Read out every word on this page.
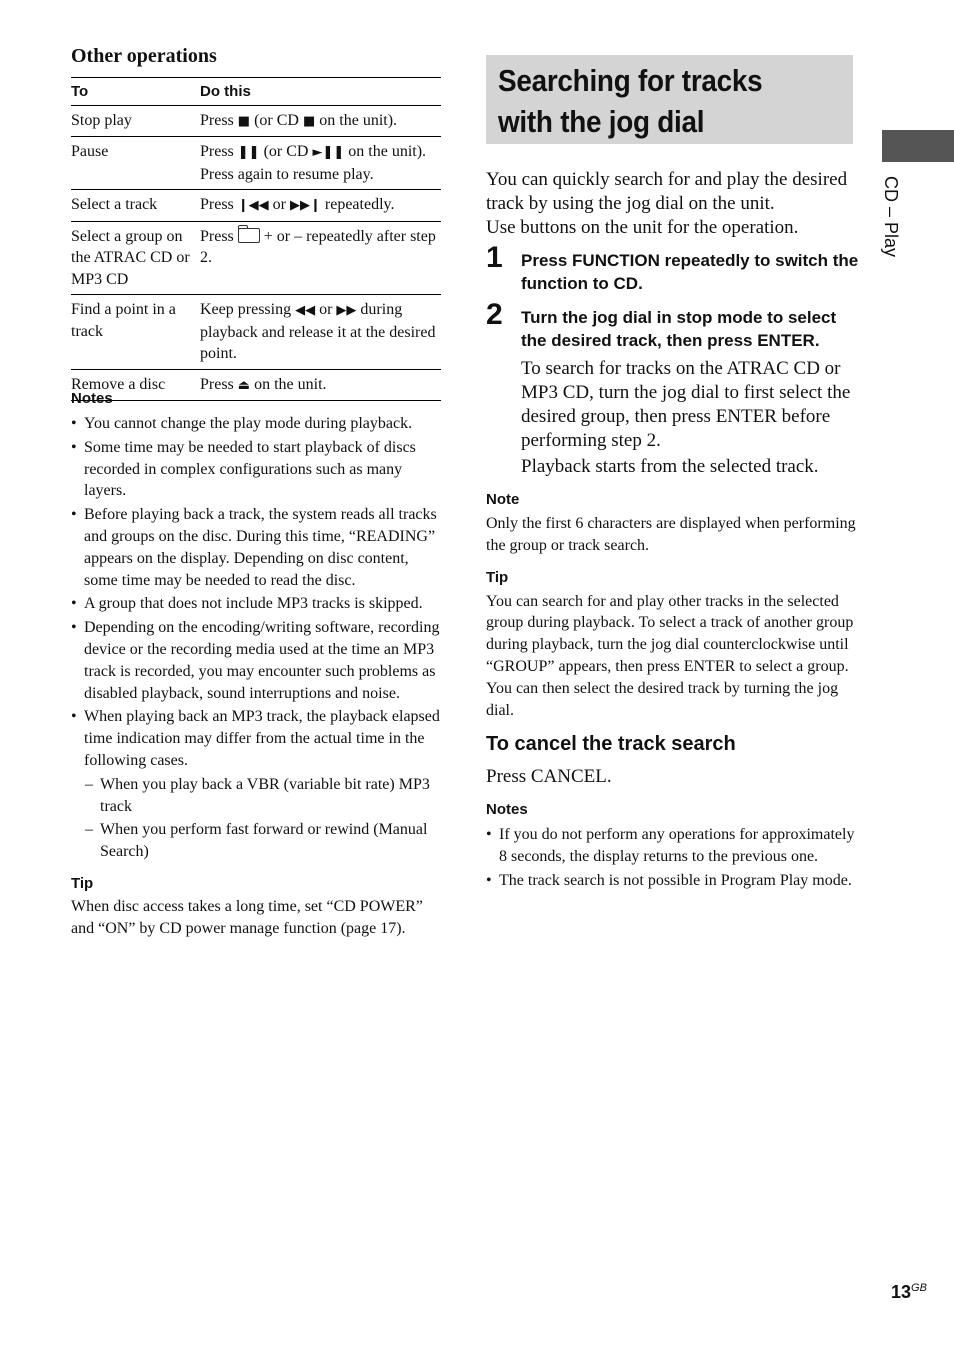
Other operations
To	Do this
Stop play	Press ■ (or CD ■ on the unit).
Pause	Press ❚❚ (or CD ►❚❚ on the unit). Press again to resume play.
Select a track	Press ❙◀◀ or ▶▶❙ repeatedly.
Select a group on the ATRAC CD or MP3 CD	Press  + or – repeatedly after step 2.
Find a point in a track	Keep pressing ◀◀ or ▶▶ during playback and release it at the desired point.
Remove a disc	Press ⏏ on the unit.
Notes
• You cannot change the play mode during playback.
• Some time may be needed to start playback of discs recorded in complex configurations such as many layers.
• Before playing back a track, the system reads all tracks and groups on the disc. During this time, “READING” appears on the display. Depending on disc content, some time may be needed to read the disc.
• A group that does not include MP3 tracks is skipped.
• Depending on the encoding/writing software, recording device or the recording media used at the time an MP3 track is recorded, you may encounter such problems as disabled playback, sound interruptions and noise.
• When playing back an MP3 track, the playback elapsed time indication may differ from the actual time in the following cases.
– When you play back a VBR (variable bit rate) MP3 track
– When you perform fast forward or rewind (Manual Search)
Tip

When disc access takes a long time, set “CD POWER” and “ON” by CD power manage function (page 17).

Searching for tracks with the jog dial
You can quickly search for and play the desired track by using the jog dial on the unit.
Use buttons on the unit for the operation.
1 Press FUNCTION repeatedly to switch the function to CD.
2 Turn the jog dial in stop mode to select the desired track, then press ENTER.
To search for tracks on the ATRAC CD or MP3 CD, turn the jog dial to first select the desired group, then press ENTER before performing step 2.
Playback starts from the selected track.
Note

Only the first 6 characters are displayed when performing the group or track search.

Tip

You can search for and play other tracks in the selected group during playback. To select a track of another group during playback, turn the jog dial counterclockwise until “GROUP” appears, then press ENTER to select a group. You can then select the desired track by turning the jog dial.

To cancel the track search
Press CANCEL.
Notes
• If you do not perform any operations for approximately 8 seconds, the display returns to the previous one.
• The track search is not possible in Program Play mode.
CD – Play
$13^{GB}$
